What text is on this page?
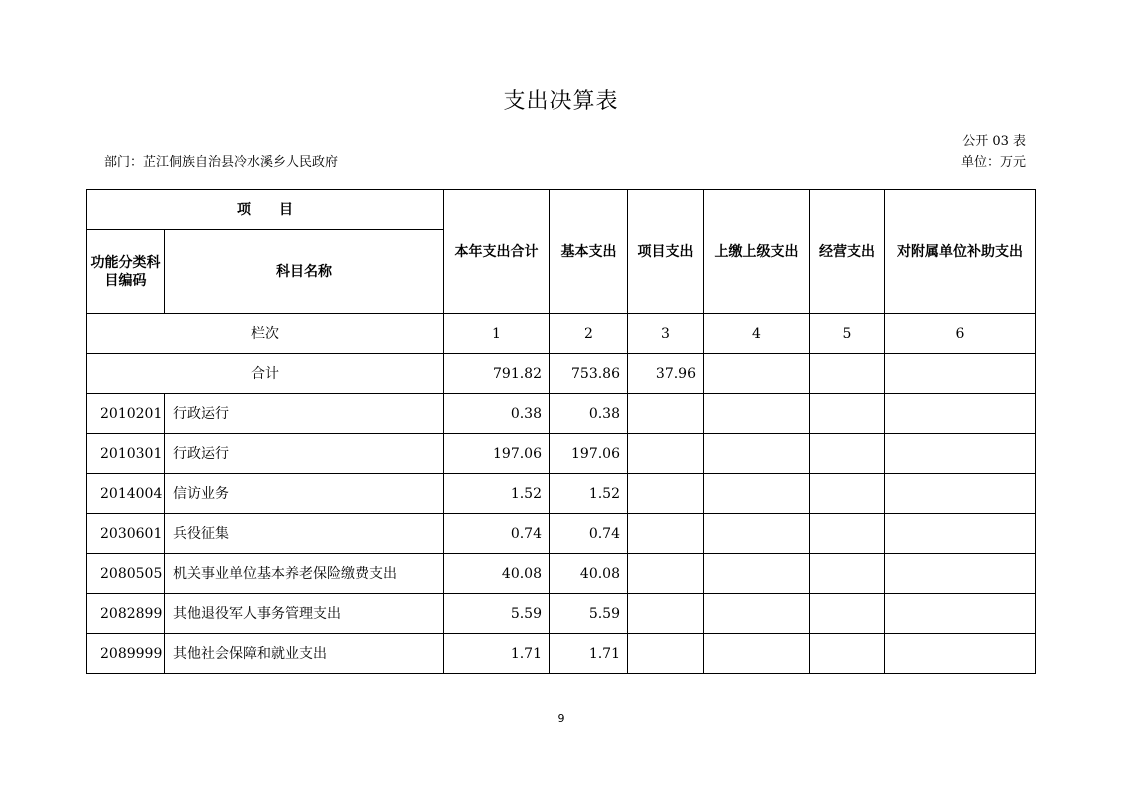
支出决算表
公开 03 表
部门：芷江侗族自治县冷水溪乡人民政府	单位：万元
项　　目		本年支出合计	基本支出	项目支出	上缴上级支出	经营支出	对附属单位补助支出
功能分类科目编码	科目名称						
栏次		1	2	3	4	5	6
合计		791.82	753.86	37.96			
2010201	行政运行	0.38	0.38				
2010301	行政运行	197.06	197.06				
2014004	信访业务	1.52	1.52				
2030601	兵役征集	0.74	0.74				
2080505	机关事业单位基本养老保险缴费支出	40.08	40.08				
2082899	其他退役军人事务管理支出	5.59	5.59				
2089999	其他社会保障和就业支出	1.71	1.71				
9
